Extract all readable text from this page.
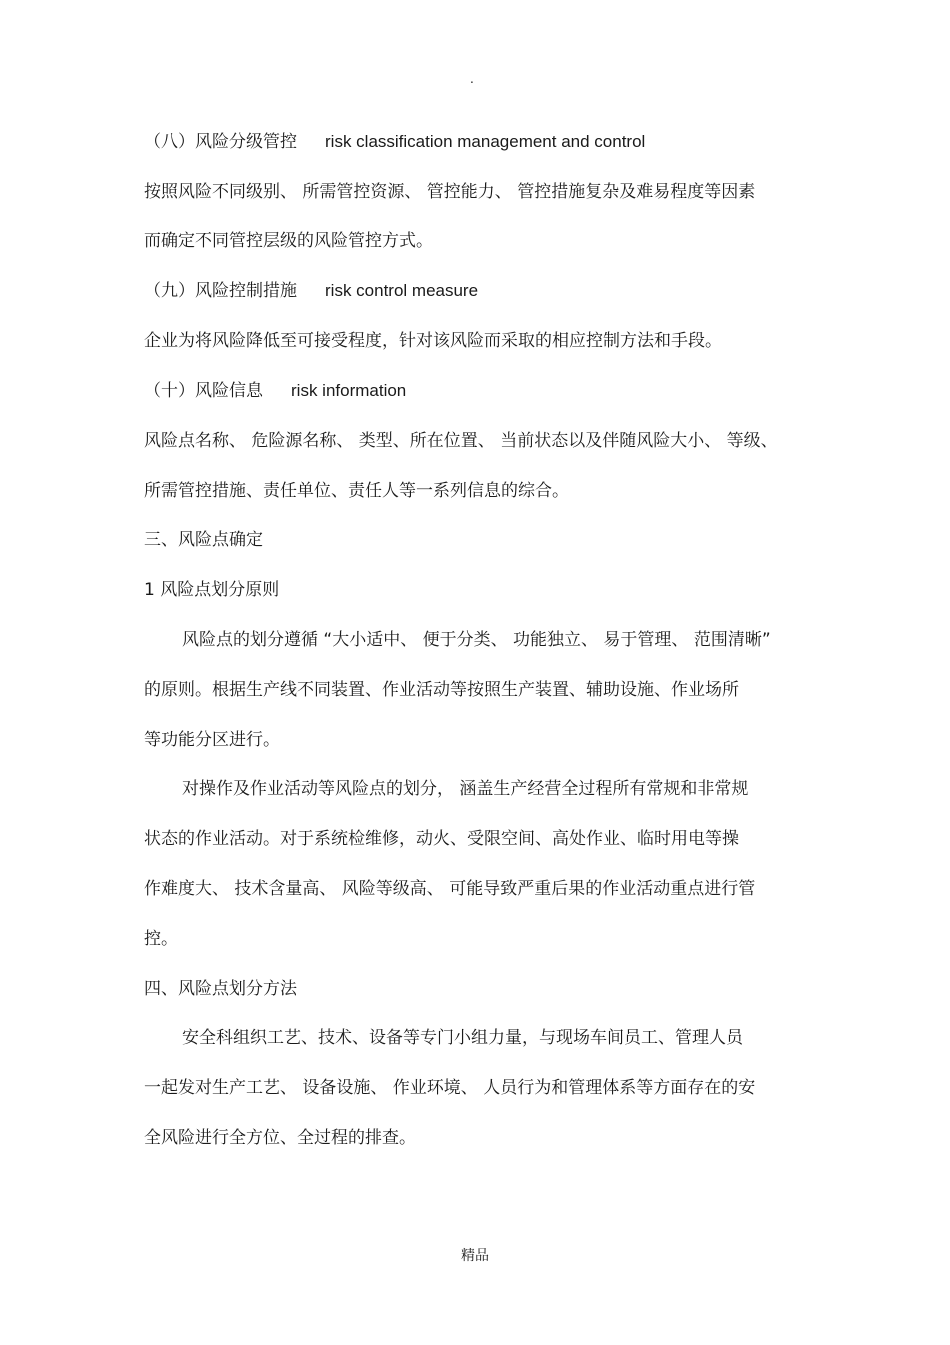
.
（八）风险分级管控 risk classification management and control
按照风险不同级别、 所需管控资源、 管控能力、 管控措施复杂及难易程度等因素
而确定不同管控层级的风险管控方式。
（九）风险控制措施 risk control measure
企业为将风险降低至可接受程度，针对该风险而采取的相应控制方法和手段。
（十）风险信息 risk information
风险点名称、 危险源名称、 类型、所在位置、 当前状态以及伴随风险大小、 等级、
所需管控措施、责任单位、责任人等一系列信息的综合。
三、风险点确定
1 风险点划分原则
风险点的划分遵循 “大小适中、 便于分类、 功能独立、 易于管理、 范围清晰”
的原则。根据生产线不同装置、作业活动等按照生产装置、辅助设施、作业场所
等功能分区进行。
对操作及作业活动等风险点的划分， 涵盖生产经营全过程所有常规和非常规
状态的作业活动。对于系统检维修，动火、受限空间、高处作业、临时用电等操
作难度大、 技术含量高、 风险等级高、 可能导致严重后果的作业活动重点进行管
控。
四、风险点划分方法
安全科组织工艺、技术、设备等专门小组力量，与现场车间员工、管理人员
一起发对生产工艺、 设备设施、 作业环境、 人员行为和管理体系等方面存在的安
全风险进行全方位、全过程的排查。
精品
